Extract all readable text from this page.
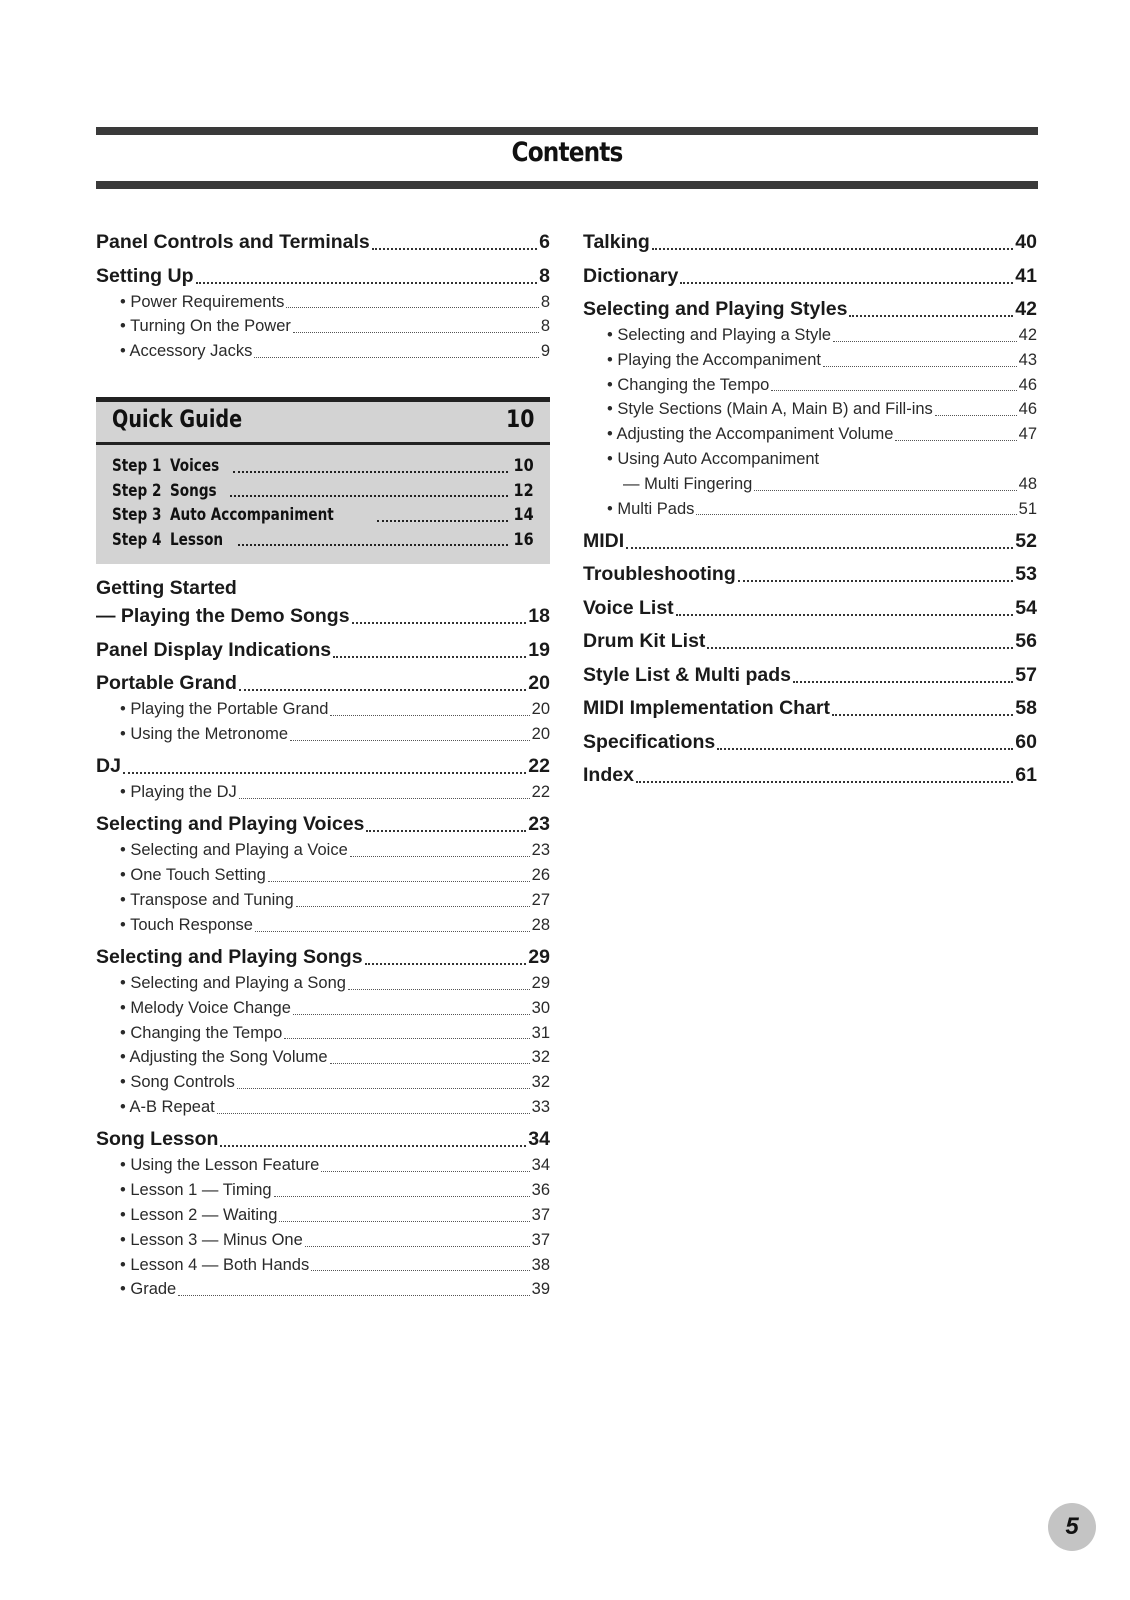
Contents
Panel Controls and Terminals	6
Setting Up	8
• Power Requirements	8
• Turning On the Power	8
• Accessory Jacks	9
Getting Started
— Playing the Demo Songs	18
Panel Display Indications	19
Portable Grand	20
• Playing the Portable Grand	20
• Using the Metronome	20
DJ	22
• Playing the DJ	22
Selecting and Playing Voices	23
• Selecting and Playing a Voice	23
• One Touch Setting	26
• Transpose and Tuning	27
• Touch Response	28
Selecting and Playing Songs	29
• Selecting and Playing a Song	29
• Melody Voice Change	30
• Changing the Tempo	31
• Adjusting the Song Volume	32
• Song Controls	32
• A-B Repeat	33
Song Lesson	34
• Using the Lesson Feature	34
• Lesson 1 — Timing	36
• Lesson 2 — Waiting	37
• Lesson 3 — Minus One	37
• Lesson 4 — Both Hands	38
• Grade	39
Quick Guide	10
Step 1 Voices	10
Step 2 Songs	12
Step 3 Auto Accompaniment	14
Step 4 Lesson	16
Talking	40
Dictionary	41
Selecting and Playing Styles	42
• Selecting and Playing a Style	42
• Playing the Accompaniment	43
• Changing the Tempo	46
• Style Sections (Main A, Main B) and Fill-ins	46
• Adjusting the Accompaniment Volume	47
• Using Auto Accompaniment
— Multi Fingering	48
• Multi Pads	51
MIDI	52
Troubleshooting	53
Voice List	54
Drum Kit List	56
Style List & Multi pads	57
MIDI Implementation Chart	58
Specifications	60
Index	61
5
